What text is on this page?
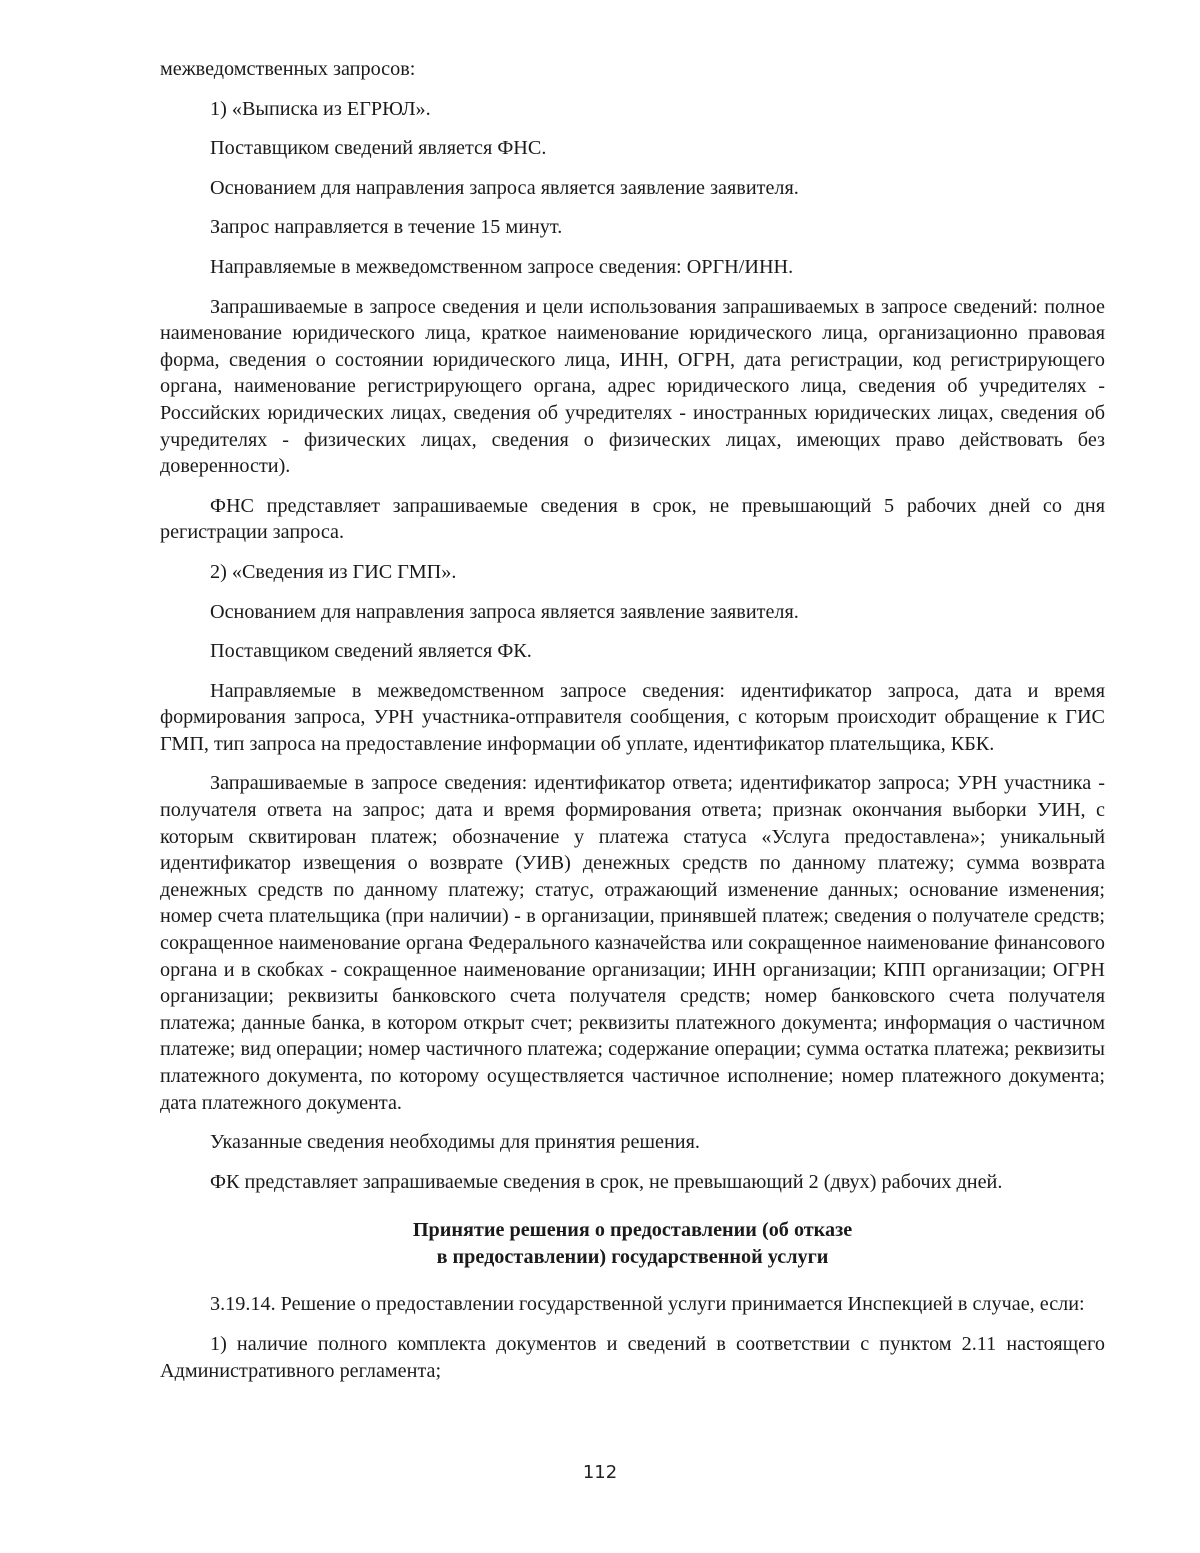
межведомственных запросов:

1) «Выписка из ЕГРЮЛ».

Поставщиком сведений является ФНС.

Основанием для направления запроса является заявление заявителя.

Запрос направляется в течение 15 минут.

Направляемые в межведомственном запросе сведения: ОРГН/ИНН.

Запрашиваемые в запросе сведения и цели использования запрашиваемых в запросе сведений: полное наименование юридического лица, краткое наименование юридического лица, организационно правовая форма, сведения о состоянии юридического лица, ИНН, ОГРН, дата регистрации, код регистрирующего органа, наименование регистрирующего органа, адрес юридического лица, сведения об учредителях - Российских юридических лицах, сведения об учредителях - иностранных юридических лицах, сведения об учредителях - физических лицах, сведения о физических лицах, имеющих право действовать без доверенности).

ФНС представляет запрашиваемые сведения в срок, не превышающий 5 рабочих дней со дня регистрации запроса.

2) «Сведения из ГИС ГМП».

Основанием для направления запроса является заявление заявителя.

Поставщиком сведений является ФК.

Направляемые в межведомственном запросе сведения: идентификатор запроса, дата и время формирования запроса, УРН участника-отправителя сообщения, с которым происходит обращение к ГИС ГМП, тип запроса на предоставление информации об уплате, идентификатор плательщика, КБК.

Запрашиваемые в запросе сведения: идентификатор ответа; идентификатор запроса; УРН участника - получателя ответа на запрос; дата и время формирования ответа; признак окончания выборки УИН, с которым сквитирован платеж; обозначение у платежа статуса «Услуга предоставлена»; уникальный идентификатор извещения о возврате (УИВ) денежных средств по данному платежу; сумма возврата денежных средств по данному платежу; статус, отражающий изменение данных; основание изменения; номер счета плательщика (при наличии) - в организации, принявшей платеж; сведения о получателе средств; сокращенное наименование органа Федерального казначейства или сокращенное наименование финансового органа и в скобках - сокращенное наименование организации; ИНН организации; КПП организации; ОГРН организации; реквизиты банковского счета получателя средств; номер банковского счета получателя платежа; данные банка, в котором открыт счет; реквизиты платежного документа; информация о частичном платеже; вид операции; номер частичного платежа; содержание операции; сумма остатка платежа; реквизиты платежного документа, по которому осуществляется частичное исполнение; номер платежного документа; дата платежного документа.

Указанные сведения необходимы для принятия решения.

ФК представляет запрашиваемые сведения в срок, не превышающий 2 (двух) рабочих дней.

Принятие решения о предоставлении (об отказе
в предоставлении) государственной услуги

3.19.14. Решение о предоставлении государственной услуги принимается Инспекцией в случае, если:

1) наличие полного комплекта документов и сведений в соответствии с пунктом 2.11 настоящего Административного регламента;

112
